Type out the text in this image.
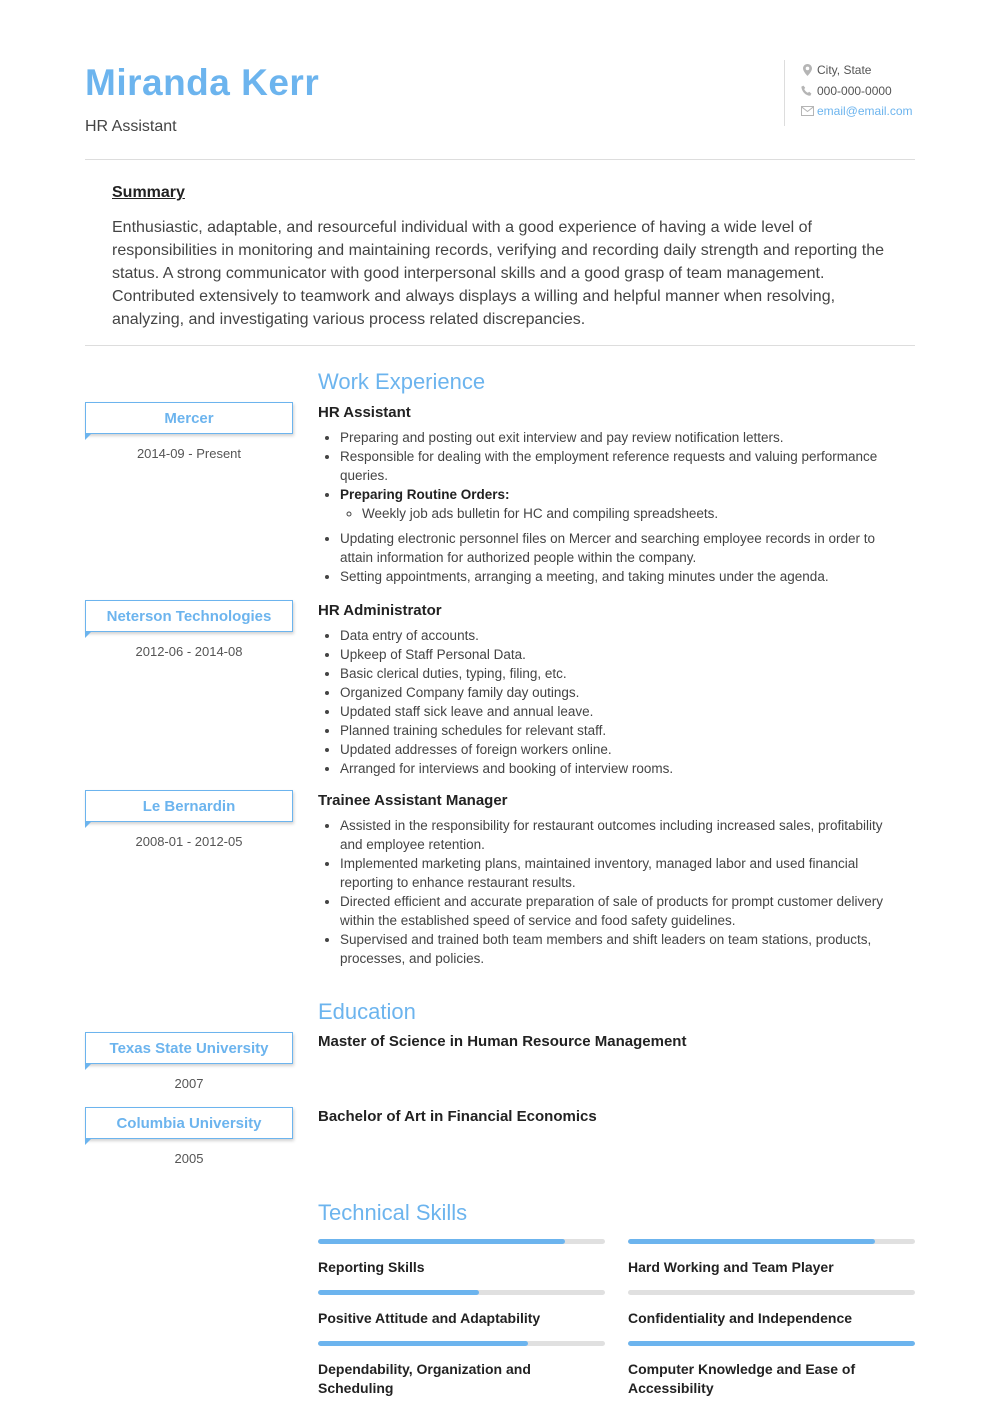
Miranda Kerr
HR Assistant
City, State
000-000-0000
email@email.com
Summary

Enthusiastic, adaptable, and resourceful individual with a good experience of having a wide level of responsibilities in monitoring and maintaining records, verifying and recording daily strength and reporting the status. A strong communicator with good interpersonal skills and a good grasp of team management. Contributed extensively to teamwork and always displays a willing and helpful manner when resolving, analyzing, and investigating various process related discrepancies.

Work Experience
Mercer
2014-09 - Present
HR Assistant
• Preparing and posting out exit interview and pay review notification letters.
• Responsible for dealing with the employment reference requests and valuing performance queries.
• Preparing Routine Orders:
◦ Weekly job ads bulletin for HC and compiling spreadsheets.
• Updating electronic personnel files on Mercer and searching employee records in order to attain information for authorized people within the company.
• Setting appointments, arranging a meeting, and taking minutes under the agenda.
Neterson Technologies
2012-06 - 2014-08
HR Administrator
• Data entry of accounts.
• Upkeep of Staff Personal Data.
• Basic clerical duties, typing, filing, etc.
• Organized Company family day outings.
• Updated staff sick leave and annual leave.
• Planned training schedules for relevant staff.
• Updated addresses of foreign workers online.
• Arranged for interviews and booking of interview rooms.
Le Bernardin
2008-01 - 2012-05
Trainee Assistant Manager
• Assisted in the responsibility for restaurant outcomes including increased sales, profitability and employee retention.
• Implemented marketing plans, maintained inventory, managed labor and used financial reporting to enhance restaurant results.
• Directed efficient and accurate preparation of sale of products for prompt customer delivery within the established speed of service and food safety guidelines.
• Supervised and trained both team members and shift leaders on team stations, products, processes, and policies.
Education
Texas State University
2007
Master of Science in Human Resource Management
Columbia University
2005
Bachelor of Art in Financial Economics
Technical Skills
Reporting Skills	Hard Working and Team Player
Positive Attitude and Adaptability	Confidentiality and Independence
Dependability, Organization and Scheduling
Computer Knowledge and Ease of Accessibility
